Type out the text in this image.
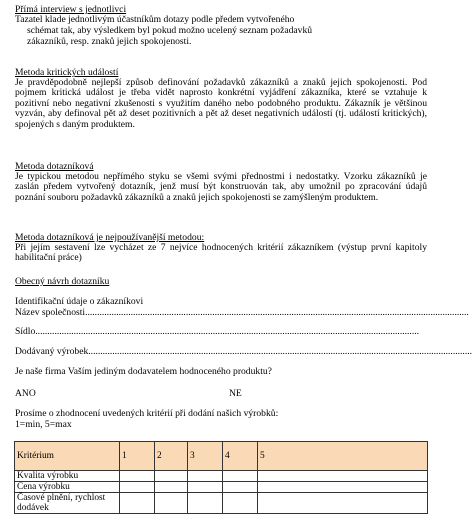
Přímá interview s jednotlivci
Tazatel klade jednotlivým účastníkům dotazy podle předem vytvořeného
schémat tak, aby výsledkem byl pokud možno ucelený seznam požadavků
zákazníků, resp. znaků jejich spokojenosti.
Metoda kritických událostí
Je pravděpodobně nejlepší způsob definování požadavků zákazníků a znaků jejich spokojenosti. Pod pojmem kritická událost je třeba vidět naprosto konkrétní vyjádření zákazníka, které se vztahuje k pozitivní nebo negativní zkušenosti s využitím daného nebo podobného produktu. Zákazník je většinou vyzván, aby definoval pět až deset pozitivních a pět až deset negativních událostí (tj. událostí kritických), spojených s daným produktem.
Metoda dotazníková
Je typickou metodou nepřímého styku se všemi svými přednostmi i nedostatky. Vzorku zákazníků je zaslán předem vytvořený dotazník, jenž musí být konstruován tak, aby umožnil po zpracování údajů poznání souboru požadavků zákazníků a znaků jejich spokojenosti se zamýšleným produktem.
Metoda dotazníková je nejpoužívanější metodou:
Při jejím sestavení lze vycházet ze 7 nejvíce hodnocených kritérií zákazníkem (výstup první kapitoly habilitační práce)
Obecný návrh dotazníku
Identifikační údaje o zákazníkovi
Název společnosti................................................................................................................................................................
Sídlo................................................................................................................................................................
Dodávaný výrobek................................................................................................................................................................
Je naše firma Vaším jediným dodavatelem hodnoceného produktu?
ANO	NE
Prosíme o zhodnocení uvedených kritérií při dodání našich výrobků:
1=min, 5=max
Kritérium	1	2	3	4	5
Kvalita výrobku					
Cena výrobku					
Časové plnění, rychlost dodávek					
